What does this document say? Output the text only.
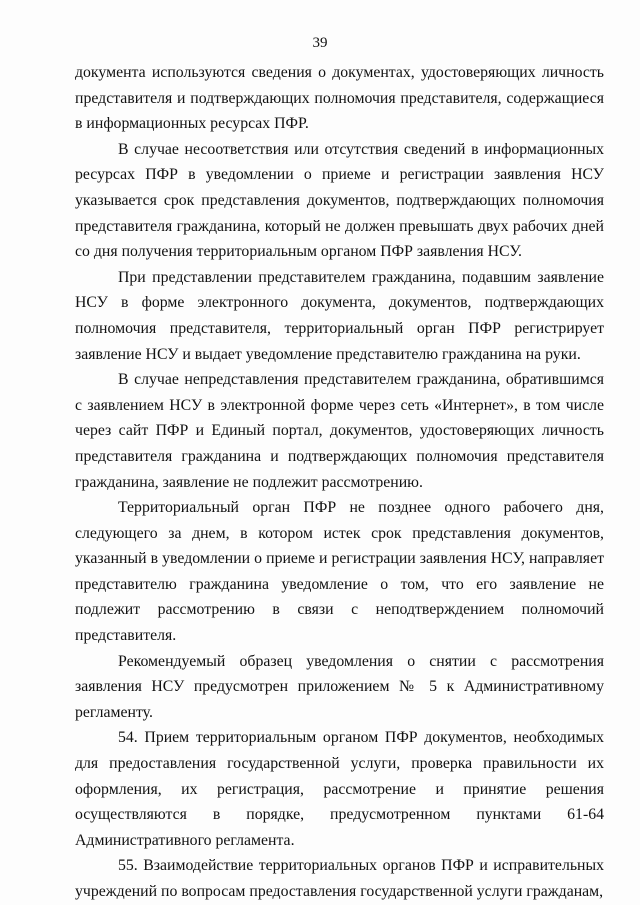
39

документа используются сведения о документах, удостоверяющих личность представителя и подтверждающих полномочия представителя, содержащиеся в информационных ресурсах ПФР.

В случае несоответствия или отсутствия сведений в информационных ресурсах ПФР в уведомлении о приеме и регистрации заявления НСУ указывается срок представления документов, подтверждающих полномочия представителя гражданина, который не должен превышать двух рабочих дней со дня получения территориальным органом ПФР заявления НСУ.

При представлении представителем гражданина, подавшим заявление НСУ в форме электронного документа, документов, подтверждающих полномочия представителя, территориальный орган ПФР регистрирует заявление НСУ и выдает уведомление представителю гражданина на руки.

В случае непредставления представителем гражданина, обратившимся с заявлением НСУ в электронной форме через сеть «Интернет», в том числе через сайт ПФР и Единый портал, документов, удостоверяющих личность представителя гражданина и подтверждающих полномочия представителя гражданина, заявление не подлежит рассмотрению.

Территориальный орган ПФР не позднее одного рабочего дня, следующего за днем, в котором истек срок представления документов, указанный в уведомлении о приеме и регистрации заявления НСУ, направляет представителю гражданина уведомление о том, что его заявление не подлежит рассмотрению в связи с неподтверждением полномочий представителя.

Рекомендуемый образец уведомления о снятии с рассмотрения заявления НСУ предусмотрен приложением № 5 к Административному регламенту.

54. Прием территориальным органом ПФР документов, необходимых для предоставления государственной услуги, проверка правильности их оформления, их регистрация, рассмотрение и принятие решения осуществляются в порядке, предусмотренном пунктами 61-64 Административного регламента.

55. Взаимодействие территориальных органов ПФР и исправительных учреждений по вопросам предоставления государственной услуги гражданам,
